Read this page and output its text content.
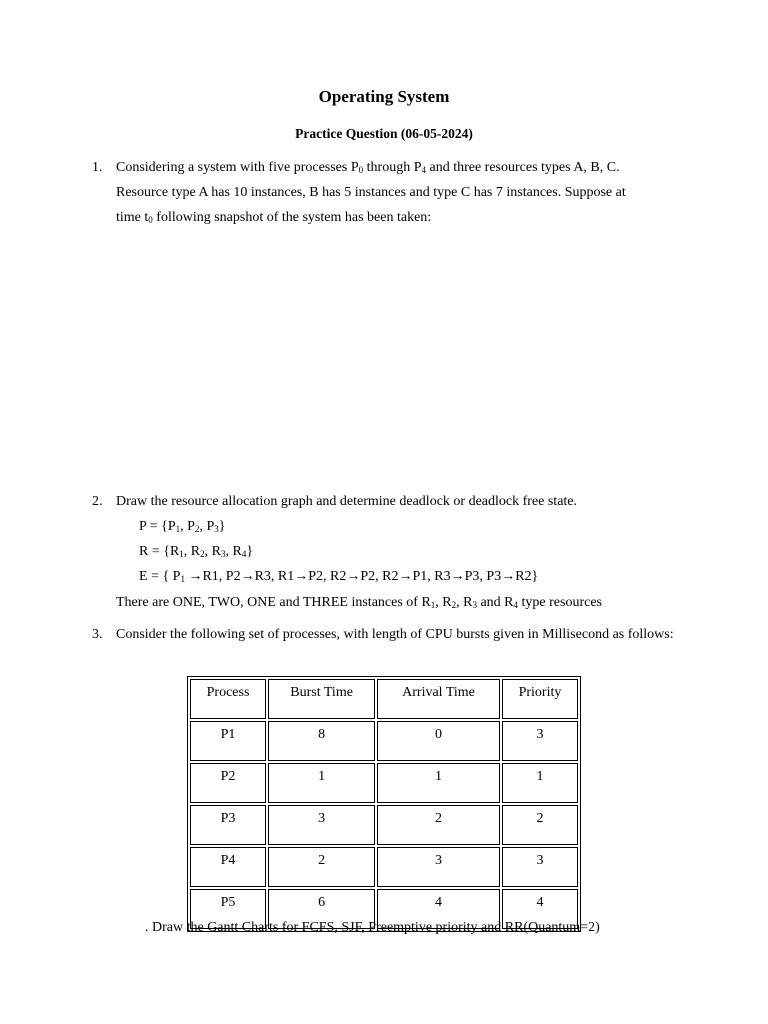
Operating System

Practice Question (06-05-2024)

1. Considering a system with five processes $P_0$ through $P_4$ and three resources types A, B, C.
Resource type A has 10 instances, B has 5 instances and type C has 7 instances. Suppose at
time $t_0$ following snapshot of the system has been taken:
2. Draw the resource allocation graph and determine deadlock or deadlock free state.
$P = \{P_1$, $P_2$, $P_3$}
$R = \{R_1$, $R_2$, $R_3$, $R_4$}
E = { $P_1 \to R1$, P2→R3, R1→P2, R2→P2, R2→P1, R3→P3, P3→R2}
There are ONE, TWO, ONE and THREE instances of $R_1$, $R_2$, $R_3$ and $R_4$ type resources
3. Consider the following set of processes, with length of CPU bursts given in Millisecond as follows:
Process	Burst Time	Arrival Time	Priority
P1	8	0	3
P2	1	1	1
P3	3	2	2
P4	2	3	3
P5	6	4	4
. Draw the Gantt Charts for FCFS, SJF, Preemptive priority and RR(Quantum=2)
